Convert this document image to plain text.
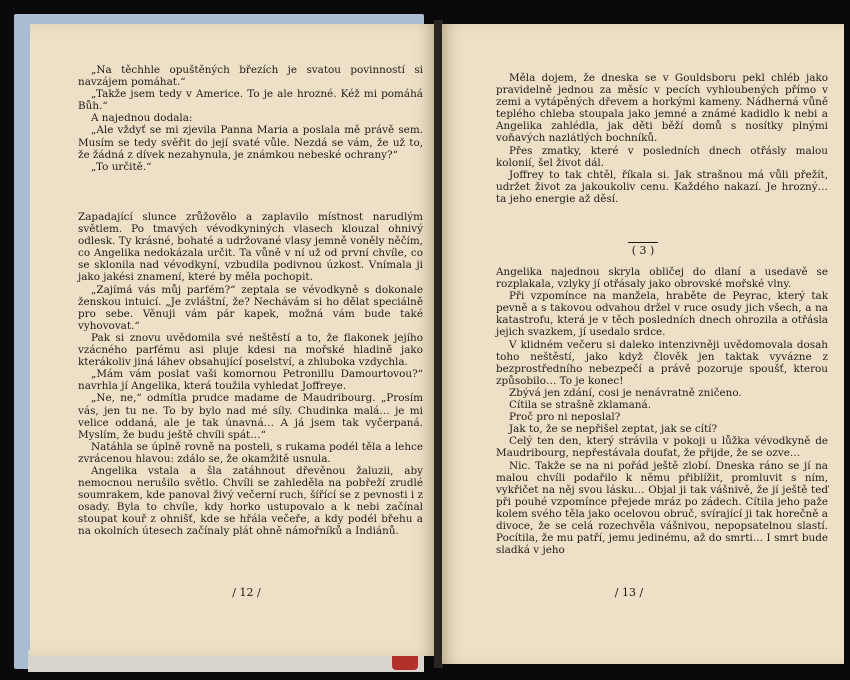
„Na těchhle opuštěných březích je svatou povinností si navzájem pomáhat.“

„Takže jsem tedy v Americe. To je ale hrozné. Kéž mi pomáhá Bůh.“

A najednou dodala:

„Ale vždyť se mi zjevila Panna Maria a poslala mě právě sem. Musím se tedy svěřit do její svaté vůle. Nezdá se vám, že už to, že žádná z dívek nezahynula, je známkou nebeské ochrany?“

„To určitě.“

Zapadající slunce zrůžovělo a zaplavilo místnost narudlým světlem. Po tmavých vévodkyniných vlasech klouzal ohnivý odlesk. Ty krásné, bohaté a udržované vlasy jemně voněly něčím, co Angelika nedokázala určit. Ta vůně v ní už od první chvíle, co se sklonila nad vévodkyní, vzbudila podivnou úzkost. Vnímala ji jako jakési znamení, které by měla pochopit.

„Zajímá vás můj parfém?“ zeptala se vévodkyně s dokonale ženskou intuicí. „Je zvláštní, že? Nechávám si ho dělat speciálně pro sebe. Věnuji vám pár kapek, možná vám bude také vyhovovat.“

Pak si znovu uvědomila své neštěstí a to, že flakonek jejího vzácného parfému asi pluje kdesi na mořské hladině jako kterákoliv jiná láhev obsahující poselství, a zhluboka vzdychla.

„Mám vám poslat vaši komornou Petronillu Damourtovou?“ navrhla jí Angelika, která toužila vyhledat Joffreye.

„Ne, ne,“ odmítla prudce madame de Maudribourg. „Prosím vás, jen tu ne. To by bylo nad mé síly. Chudinka malá… je mi velice oddaná, ale je tak únavná… A já jsem tak vyčerpaná. Myslím, že budu ještě chvíli spát…“

Natáhla se úplně rovně na posteli, s rukama podél těla a lehce zvrácenou hlavou: zdálo se, že okamžitě usnula.

Angelika vstala a šla zatáhnout dřevěnou žaluzii, aby nemocnou nerušilo světlo. Chvíli se zahleděla na pobřeží zrudlé soumrakem, kde panoval živý večerní ruch, šířící se z pevnosti i z osady. Byla to chvíle, kdy horko ustupovalo a k nebi začínal stoupat kouř z ohnišť, kde se hřála večeře, a kdy podél břehu a na okolních útesech začínaly plát ohně námořníků a Indiánů.

/ 12 /

Měla dojem, že dneska se v Gouldsboru pekl chléb jako pravidelně jednou za měsíc v pecích vyhloubených přímo v zemi a vytápěných dřevem a horkými kameny. Nádherná vůně teplého chleba stoupala jako jemné a známé kadidlo k nebi a Angelika zahlédla, jak děti běží domů s nosítky plnými voňavých nazlátlých bochníků.

Přes zmatky, které v posledních dnech otřásly malou kolonií, šel život dál.

Joffrey to tak chtěl, říkala si. Jak strašnou má vůli přežít, udržet život za jakoukoliv cenu. Každého nakazí. Je hrozný… ta jeho energie až děsí.

( 3 )

Angelika najednou skryla obličej do dlaní a usedavě se rozplakala, vzlyky jí otřásaly jako obrovské mořské vlny.

Při vzpomínce na manžela, hraběte de Peyrac, který tak pevně a s takovou odvahou držel v ruce osudy jich všech, a na katastrofu, která je v těch posledních dnech ohrozila a otřásla jejich svazkem, jí usedalo srdce.

V klidném večeru si daleko intenzivněji uvědomovala dosah toho neštěstí, jako když člověk jen taktak vyvázne z bezprostředního nebezpečí a právě pozoruje spoušť, kterou způsobilo… To je konec!

Zbývá jen zdání, cosi je nenávratně zničeno.

Cítila se strašně zklamaná.

Proč pro ni neposlal?

Jak to, že se nepřišel zeptat, jak se cítí?

Celý ten den, který strávila v pokoji u lůžka vévodkyně de Maudribourg, nepřestávala doufat, že přijde, že se ozve…

Nic. Takže se na ni pořád ještě zlobí. Dneska ráno se jí na malou chvíli podařilo k němu přiblížit, promluvit s ním, vykřičet na něj svou lásku… Objal ji tak vášnivě, že jí ještě teď při pouhé vzpomínce přejede mráz po zádech. Cítila jeho paže kolem svého těla jako ocelovou obruč, svírající ji tak horečně a divoce, že se celá rozechvěla vášnivou, nepopsatelnou slastí. Pocítila, že mu patří, jemu jedinému, až do smrti… I smrt bude sladká v jeho

/ 13 /
